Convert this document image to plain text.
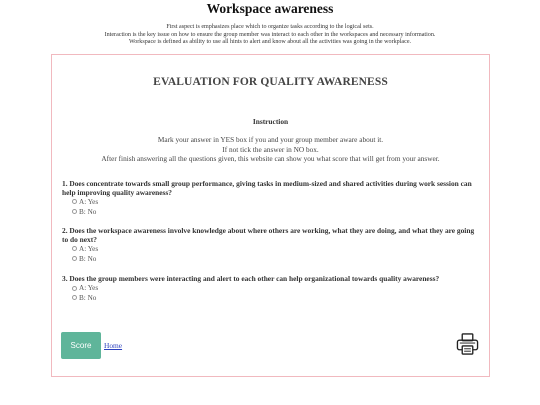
Workspace awareness
First aspect is emphasizes place which to organize tasks according to the logical sets.
Interaction is the key issue on how to ensure the group member was interact to each other in the workspaces and necessary information.
Workspace is defined as ability to use all hints to alert and know about all the activities was going in the workplace.
EVALUATION FOR QUALITY AWARENESS
Instruction
Mark your answer in YES box if you and your group member aware about it.
If not tick the answer in NO box.
After finish answering all the questions given, this website can show you what score that will get from your answer.
1. Does concentrate towards small group performance, giving tasks in medium-sized and shared activities during work session can help improving quality awareness?
A: Yes
B: No
2. Does the workspace awareness involve knowledge about where others are working, what they are doing, and what they are going to do next?
A: Yes
B: No
3. Does the group members were interacting and alert to each other can help organizational towards quality awareness?
A: Yes
B: No
Score	Home
